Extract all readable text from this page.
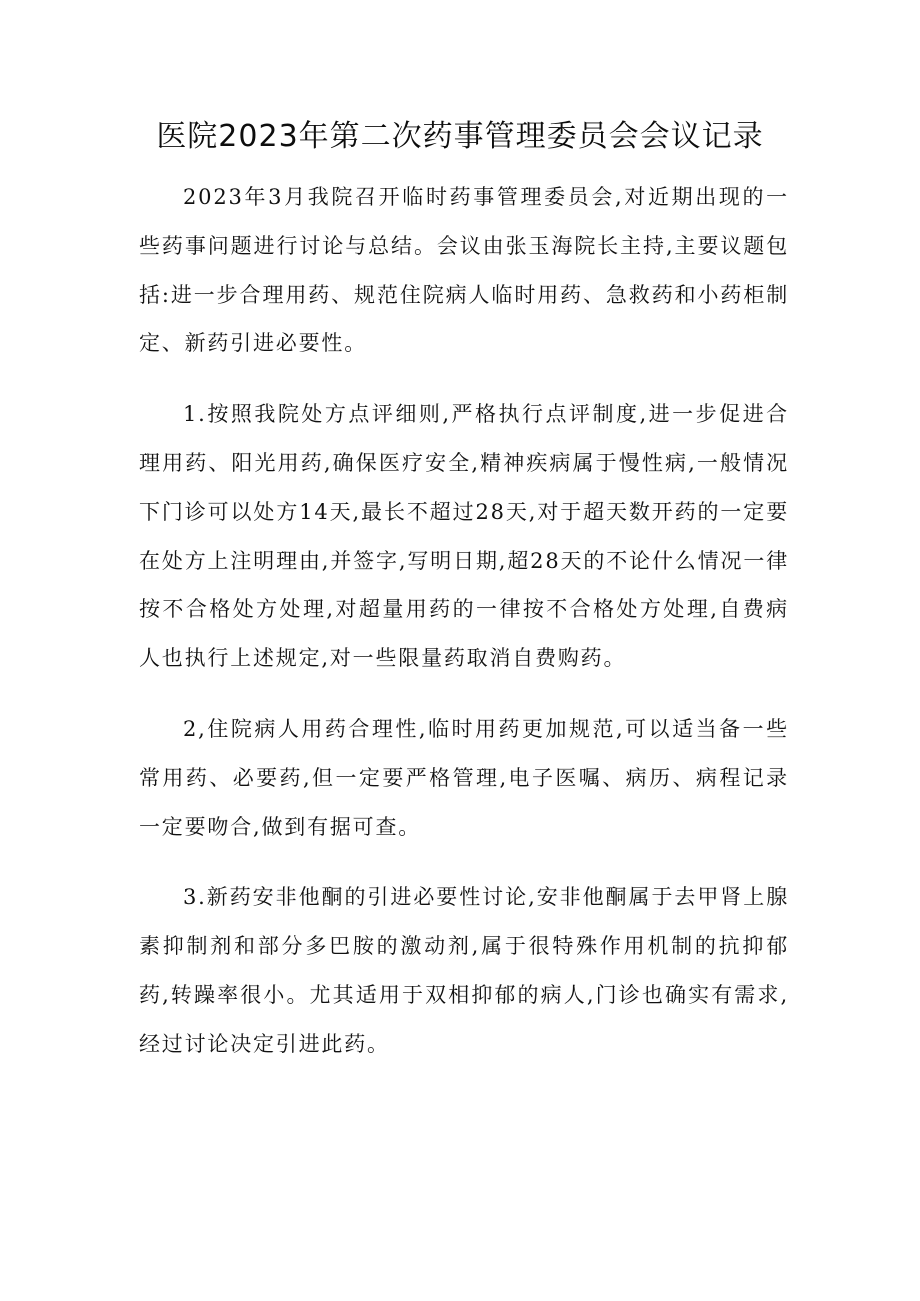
医院2023年第二次药事管理委员会会议记录

2023年3月我院召开临时药事管理委员会,对近期出现的一些药事问题进行讨论与总结。会议由张玉海院长主持,主要议题包括:进一步合理用药、规范住院病人临时用药、急救药和小药柜制定、新药引进必要性。

1.按照我院处方点评细则,严格执行点评制度,进一步促进合理用药、阳光用药,确保医疗安全,精神疾病属于慢性病,一般情况下门诊可以处方14天,最长不超过28天,对于超天数开药的一定要在处方上注明理由,并签字,写明日期,超28天的不论什么情况一律按不合格处方处理,对超量用药的一律按不合格处方处理,自费病人也执行上述规定,对一些限量药取消自费购药。

2,住院病人用药合理性,临时用药更加规范,可以适当备一些常用药、必要药,但一定要严格管理,电子医嘱、病历、病程记录一定要吻合,做到有据可查。

3.新药安非他酮的引进必要性讨论,安非他酮属于去甲肾上腺素抑制剂和部分多巴胺的激动剂,属于很特殊作用机制的抗抑郁药,转躁率很小。尤其适用于双相抑郁的病人,门诊也确实有需求,经过讨论决定引进此药。
